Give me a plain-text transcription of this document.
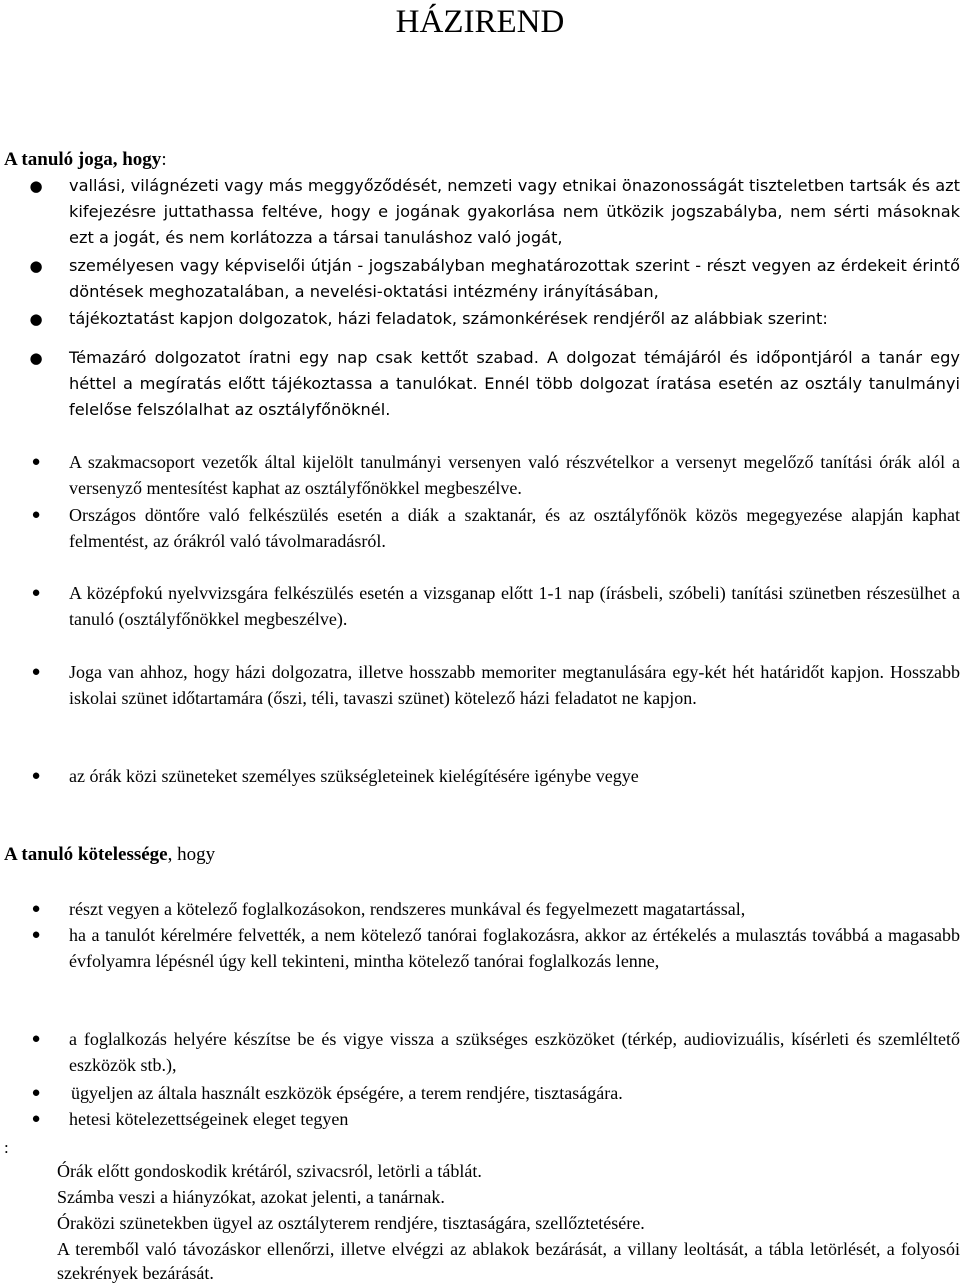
HÁZIREND
A tanuló joga, hogy:
● vallási, világnézeti vagy más meggyőződését, nemzeti vagy etnikai önazonosságát tiszteletben tartsák és azt kifejezésre juttathassa feltéve, hogy e jogának gyakorlása nem ütközik jogszabályba, nem sérti másoknak ezt a jogát, és nem korlátozza a társai tanuláshoz való jogát,
● személyesen vagy képviselői útján - jogszabályban meghatározottak szerint - részt vegyen az érdekeit érintő döntések meghozatalában, a nevelési-oktatási intézmény irányításában,
● tájékoztatást kapjon dolgozatok, házi feladatok, számonkérések rendjéről az alábbiak szerint:
● Témazáró dolgozatot íratni egy nap csak kettőt szabad. A dolgozat témájáról és időpontjáról a tanár egy héttel a megíratás előtt tájékoztassa a tanulókat. Ennél több dolgozat íratása esetén az osztály tanulmányi felelőse felszólalhat az osztályfőnöknél.
● A szakmacsoport vezetők által kijelölt tanulmányi versenyen való részvételkor a versenyt megelőző tanítási órák alól a versenyző mentesítést kaphat az osztályfőnökkel megbeszélve.
● Országos döntőre való felkészülés esetén a diák a szaktanár, és az osztályfőnök közös megegyezése alapján kaphat felmentést, az órákról való távolmaradásról.
● A középfokú nyelvvizsgára felkészülés esetén a vizsganap előtt 1-1 nap (írásbeli, szóbeli) tanítási szünetben részesülhet a tanuló (osztályfőnökkel megbeszélve).
● Joga van ahhoz, hogy házi dolgozatra, illetve hosszabb memoriter megtanulására egy-két hét határidőt kapjon. Hosszabb iskolai szünet időtartamára (őszi, téli, tavaszi szünet) kötelező házi feladatot ne kapjon.
● az órák közi szüneteket személyes szükségleteinek kielégítésére igénybe vegye
A tanuló kötelessége, hogy
● részt vegyen a kötelező foglalkozásokon, rendszeres munkával és fegyelmezett magatartással,
● ha a tanulót kérelmére felvették, a nem kötelező tanórai foglakozásra, akkor az értékelés a mulasztás továbbá a magasabb évfolyamra lépésnél úgy kell tekinteni, mintha kötelező tanórai foglalkozás lenne,
● a foglalkozás helyére készítse be és vigye vissza a szükséges eszközöket (térkép, audiovizuális, kísérleti és szemléltető eszközök stb.),
● ügyeljen az általa használt eszközök épségére, a terem rendjére, tisztaságára.
● hetesi kötelezettségeinek eleget tegyen
:
Órák előtt gondoskodik krétáról, szivacsról, letörli a táblát.
Számba veszi a hiányzókat, azokat jelenti, a tanárnak.
Óraközi szünetekben ügyel az osztályterem rendjére, tisztaságára, szellőztetésére.
A teremből való távozáskor ellenőrzi, illetve elvégzi az ablakok bezárását, a villany leoltását, a tábla letörlését, a folyosói szekrények bezárását.
